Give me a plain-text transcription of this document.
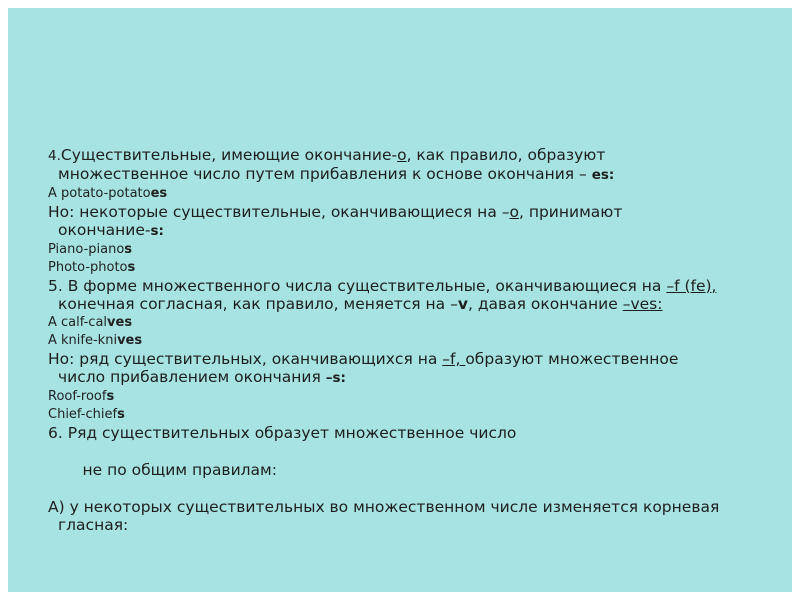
4.Существительные, имеющие окончание-о, как правило, образуют

множественное число путем прибавления к основе окончания – es:

A potato-potatoes

Но: некоторые существительные, оканчивающиеся на –о, принимают

окончание-s:

Piano-pianos

Photo-photos

5. В форме множественного числа существительные, оканчивающиеся на –f (fe),

конечная согласная, как правило, меняется на –v, давая окончание –ves:

A calf-calves

A knife-knives

Но: ряд существительных, оканчивающихся на –f, образуют множественное

число прибавлением окончания –s:

Roof-roofs

Chief-chiefs

6. Ряд существительных образует множественное число

не по общим правилам:

А) у некоторых существительных во множественном числе изменяется корневая

гласная:
